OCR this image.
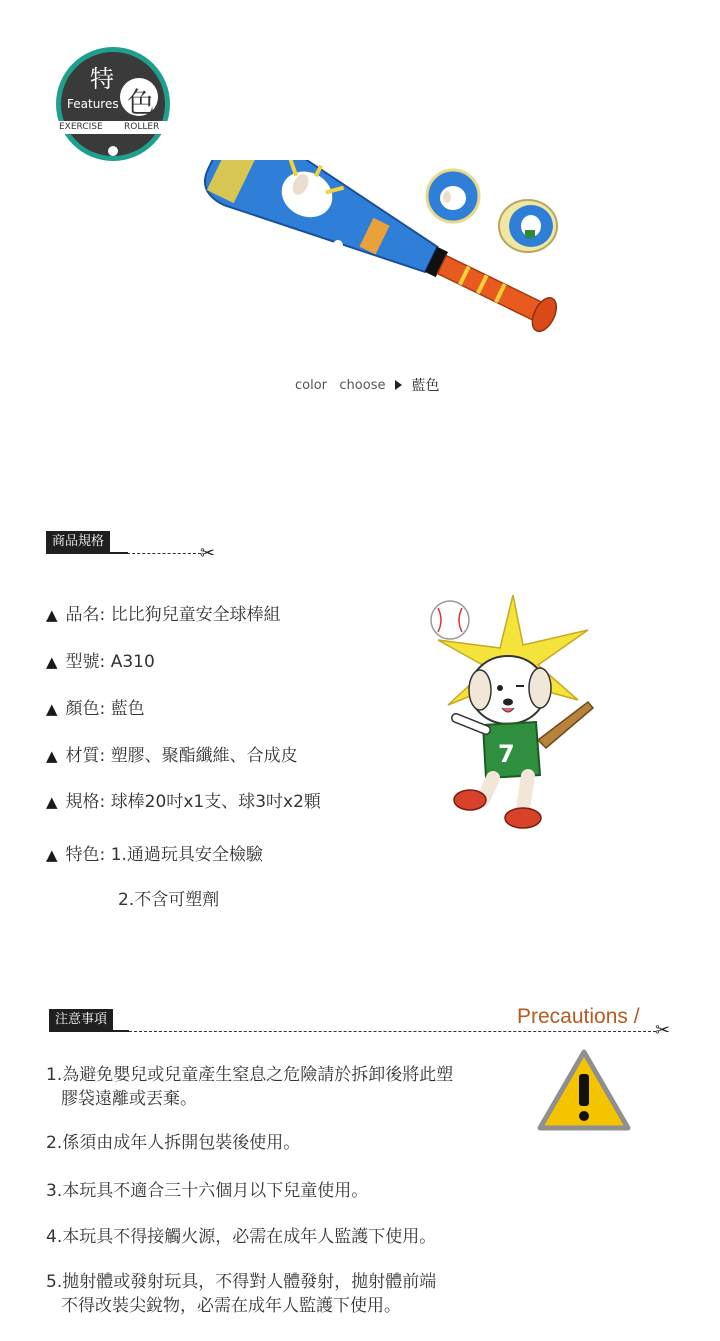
特
色
Features
EXERCISE ROLLER
color   choose 藍色
商品規格
✂
▲ 品名: 比比狗兒童安全球棒組
▲ 型號: A310
▲ 顏色: 藍色
▲ 材質: 塑膠、聚酯纖維、合成皮
▲ 規格: 球棒20吋x1支、球3吋x2顆
▲ 特色: 1.通過玩具安全檢驗
2.不含可塑劑
7
注意事項	Precautions /
✂
1.為避免嬰兒或兒童產生窒息之危險請於拆卸後將此塑
膠袋遠離或丟棄。
2.係須由成年人拆開包裝後使用。
3.本玩具不適合三十六個月以下兒童使用。
4.本玩具不得接觸火源，必需在成年人監護下使用。
5.拋射體或發射玩具，不得對人體發射，拋射體前端
不得改裝尖銳物，必需在成年人監護下使用。
